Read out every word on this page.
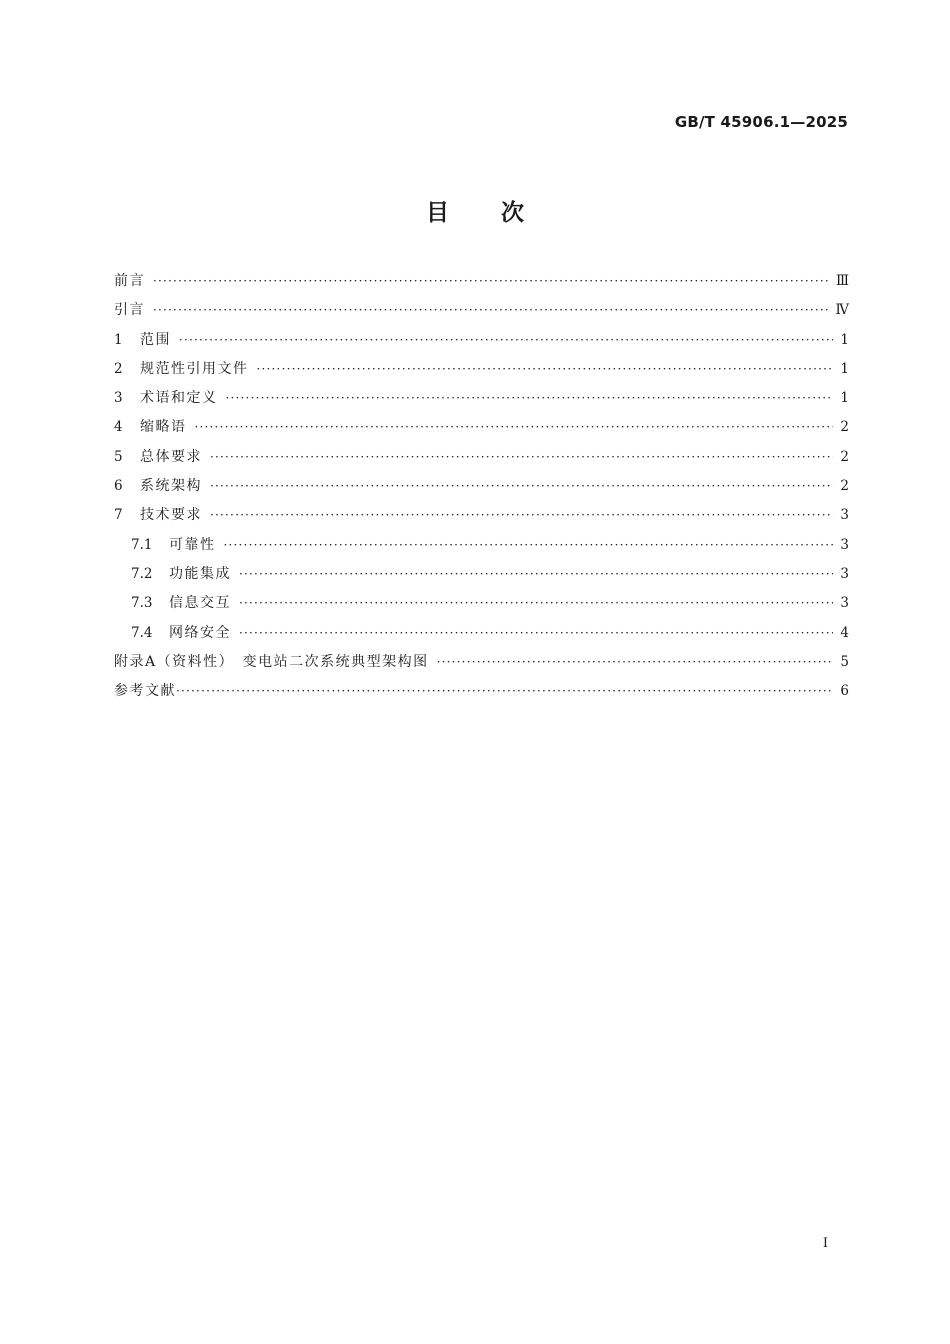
GB/T 45906.1—2025
目次
前言 ·····	Ⅲ
引言 ·····	Ⅳ
1	范围 ·····	1
2	规范性引用文件 ·····	1
3	术语和定义 ·····	1
4	缩略语 ·····	2
5	总体要求 ·····	2
6	系统架构 ·····	2
7	技术要求 ·····	3
7.1	可靠性 ·····	3
7.2	功能集成 ·····	3
7.3	信息交互 ·····	3
7.4	网络安全 ·····	4
附录A（资料性）　变电站二次系统典型架构图 ·····	5
参考文献 ·····	6
I
